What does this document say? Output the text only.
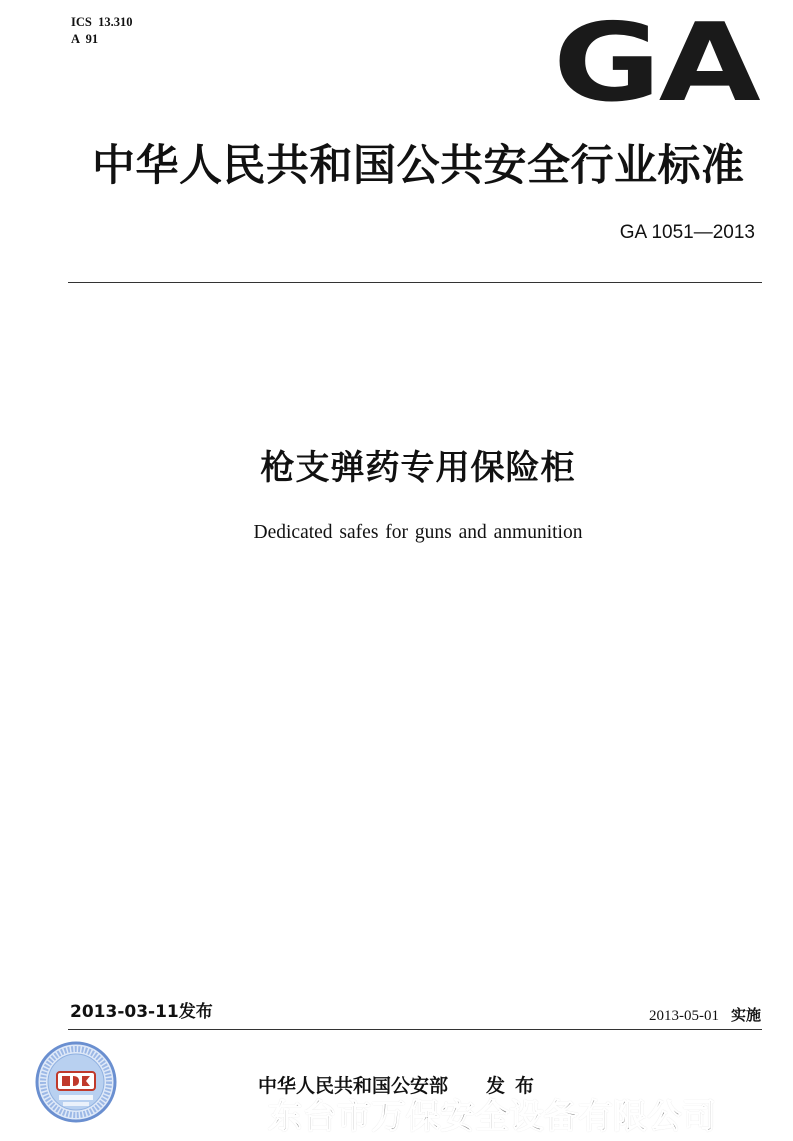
ICS  13.310
A  91	GA
中华人民共和国公共安全行业标准
GA 1051—2013
枪支弹药专用保险柜
Dedicated safes for guns and anmunition
2013-03-11发布	2013-05-01 实施
中华人民共和国公安部 发布
东台市万保安全设备有限公司
